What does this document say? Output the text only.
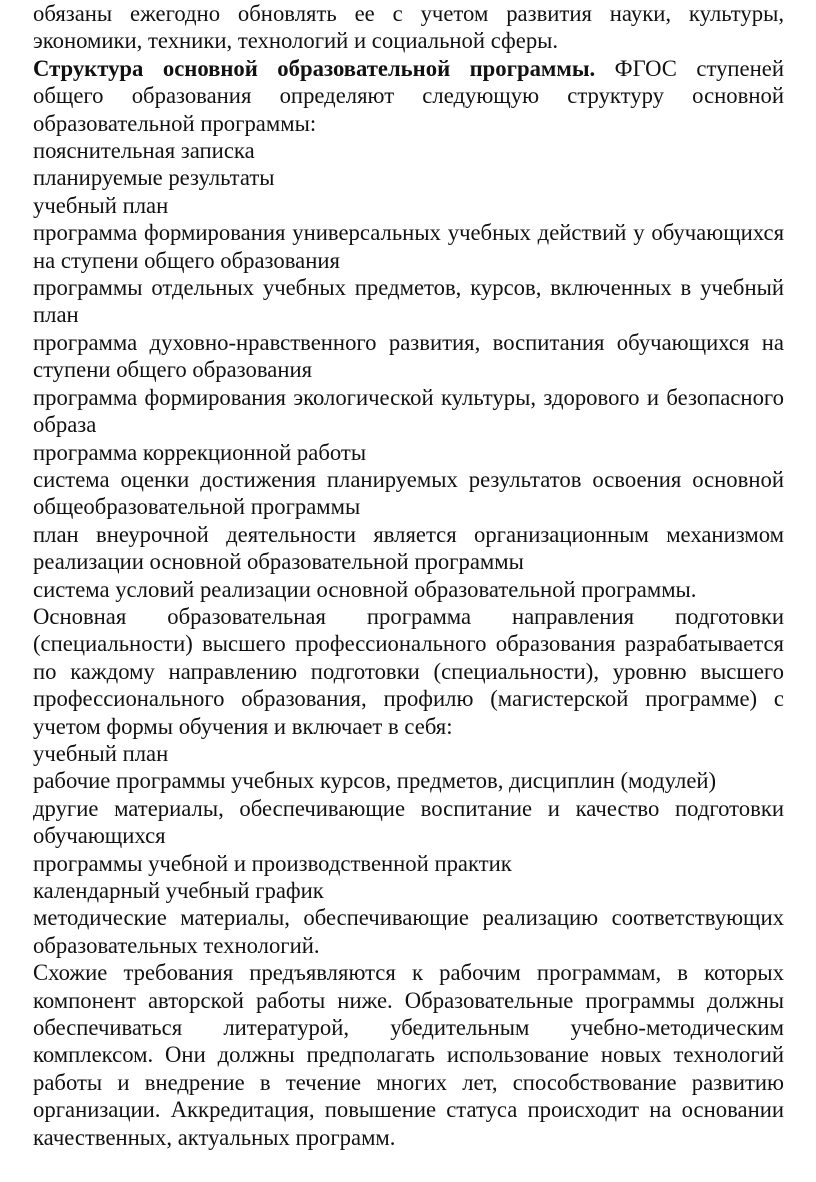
обязаны ежегодно обновлять ее с учетом развития науки, культуры, экономики, техники, технологий и социальной сферы.

Структура основной образовательной программы. ФГОС ступеней общего образования определяют следующую структуру основной образовательной программы:

пояснительная записка

планируемые результаты

учебный план

программа формирования универсальных учебных действий у обучающихся на ступени общего образования

программы отдельных учебных предметов, курсов, включенных в учебный план

программа духовно-нравственного развития, воспитания обучающихся на ступени общего образования

программа формирования экологической культуры, здорового и безопасного образа

программа коррекционной работы

система оценки достижения планируемых результатов освоения основной общеобразовательной программы

план внеурочной деятельности является организационным механизмом реализации основной образовательной программы

система условий реализации основной образовательной программы.

Основная образовательная программа направления подготовки (специальности) высшего профессионального образования разрабатывается по каждому направлению подготовки (специальности), уровню высшего профессионального образования, профилю (магистерской программе) с учетом формы обучения и включает в себя:

учебный план

рабочие программы учебных курсов, предметов, дисциплин (модулей)

другие материалы, обеспечивающие воспитание и качество подготовки обучающихся

программы учебной и производственной практик

календарный учебный график

методические материалы, обеспечивающие реализацию соответствующих образовательных технологий.

Схожие требования предъявляются к рабочим программам, в которых компонент авторской работы ниже. Образовательные программы должны обеспечиваться литературой, убедительным учебно-методическим комплексом. Они должны предполагать использование новых технологий работы и внедрение в течение многих лет, способствование развитию организации. Аккредитация, повышение статуса происходит на основании качественных, актуальных программ.
